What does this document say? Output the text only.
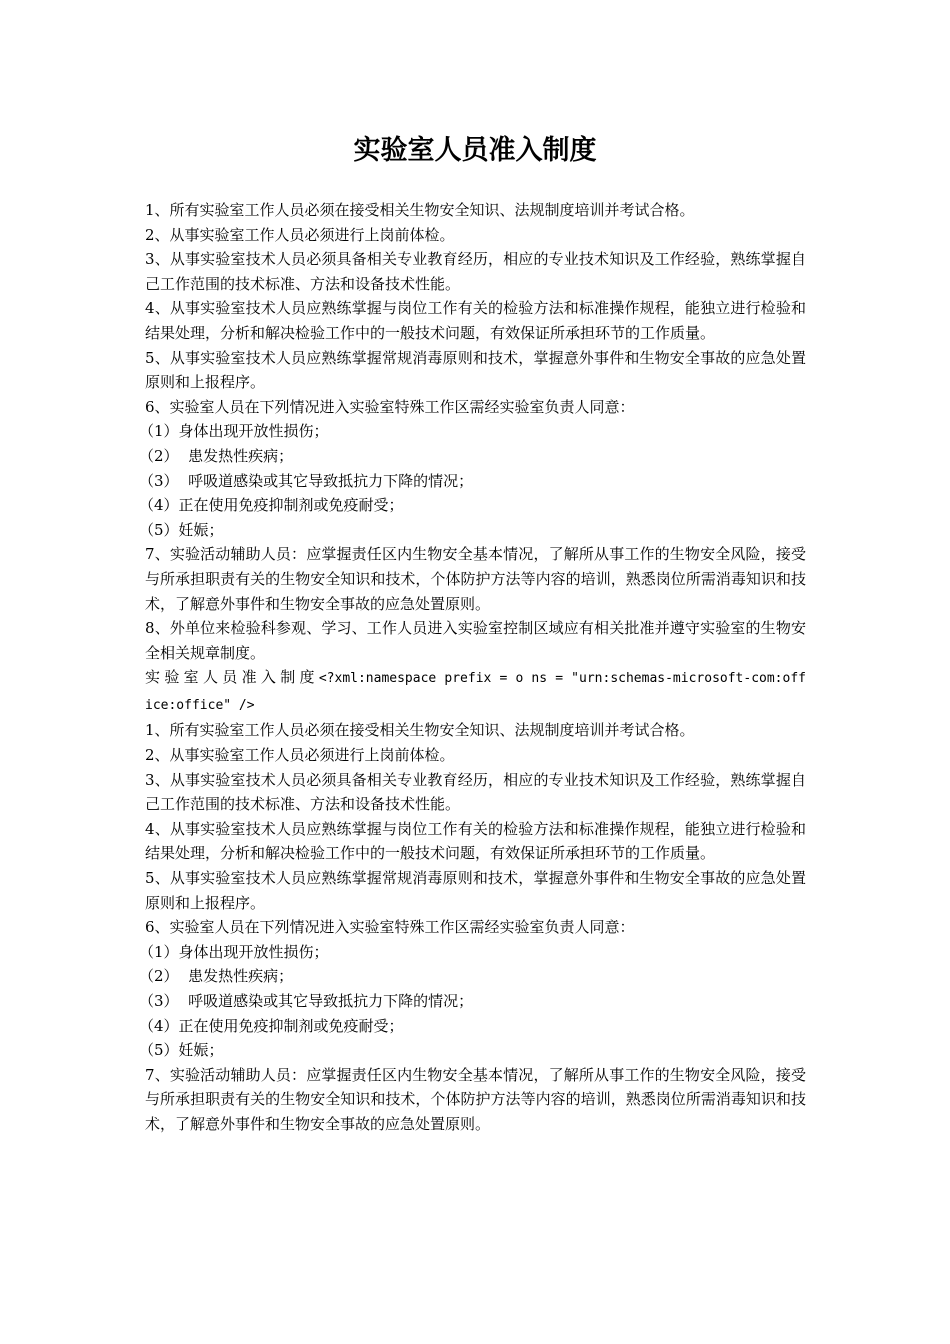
实验室人员准入制度

1、所有实验室工作人员必须在接受相关生物安全知识、法规制度培训并考试合格。

2、从事实验室工作人员必须进行上岗前体检。

3、从事实验室技术人员必须具备相关专业教育经历，相应的专业技术知识及工作经验，熟练掌握自己工作范围的技术标准、方法和设备技术性能。

4、从事实验室技术人员应熟练掌握与岗位工作有关的检验方法和标准操作规程，能独立进行检验和结果处理，分析和解决检验工作中的一般技术问题，有效保证所承担环节的工作质量。

5、从事实验室技术人员应熟练掌握常规消毒原则和技术，掌握意外事件和生物安全事故的应急处置原则和上报程序。

6、实验室人员在下列情况进入实验室特殊工作区需经实验室负责人同意：

（1）身体出现开放性损伤；

（2）  患发热性疾病；

（3）  呼吸道感染或其它导致抵抗力下降的情况；

（4）正在使用免疫抑制剂或免疫耐受；

（5）妊娠；

7、实验活动辅助人员：应掌握责任区内生物安全基本情况，了解所从事工作的生物安全风险，接受与所承担职责有关的生物安全知识和技术，个体防护方法等内容的培训，熟悉岗位所需消毒知识和技术，了解意外事件和生物安全事故的应急处置原则。

8、外单位来检验科参观、学习、工作人员进入实验室控制区域应有相关批准并遵守实验室的生物安全相关规章制度。

实验室人员准入制度<?xml:namespace prefix = o ns = "urn:schemas-microsoft-com:office:office" />

1、所有实验室工作人员必须在接受相关生物安全知识、法规制度培训并考试合格。

2、从事实验室工作人员必须进行上岗前体检。

3、从事实验室技术人员必须具备相关专业教育经历，相应的专业技术知识及工作经验，熟练掌握自己工作范围的技术标准、方法和设备技术性能。

4、从事实验室技术人员应熟练掌握与岗位工作有关的检验方法和标准操作规程，能独立进行检验和结果处理，分析和解决检验工作中的一般技术问题，有效保证所承担环节的工作质量。

5、从事实验室技术人员应熟练掌握常规消毒原则和技术，掌握意外事件和生物安全事故的应急处置原则和上报程序。

6、实验室人员在下列情况进入实验室特殊工作区需经实验室负责人同意：

（1）身体出现开放性损伤；

（2）  患发热性疾病；

（3）  呼吸道感染或其它导致抵抗力下降的情况；

（4）正在使用免疫抑制剂或免疫耐受；

（5）妊娠；

7、实验活动辅助人员：应掌握责任区内生物安全基本情况，了解所从事工作的生物安全风险，接受与所承担职责有关的生物安全知识和技术，个体防护方法等内容的培训，熟悉岗位所需消毒知识和技术，了解意外事件和生物安全事故的应急处置原则。
